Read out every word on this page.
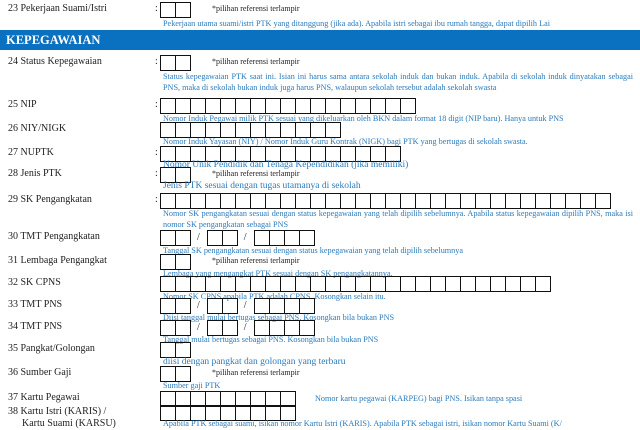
KEPEGAWAIAN
23 Pekerjaan Suami/Istri	:	*pilihan referensi terlampir
Pekerjaan utama suami/istri PTK yang ditanggung (jika ada). Apabila istri sebagai ibu rumah tangga, dapat dipilih Lai
24 Status Kepegawaian	:	*pilihan referensi terlampir
Status kepegawaian PTK saat ini. Isian ini harus sama antara sekolah induk dan bukan induk. Apabila di sekolah induk dinyatakan sebagai PNS, maka di sekolah bukan induk juga harus PNS, walaupun sekolah tersebut adalah sekolah swasta
25 NIP	:
Nomor Induk Pegawai milik PTK sesuai yang dikeluarkan oleh BKN dalam format 18 digit (NIP baru). Hanya untuk PNS
26 NIY/NIGK
Nomor Induk Yayasan (NIY) / Nomor Induk Guru Kontrak (NIGK) bagi PTK yang bertugas di sekolah swasta.
27 NUPTK	:
Nomor Unik Pendidik dan Tenaga Kependidikan (jika memiliki)
28 Jenis PTK	:	*pilihan referensi terlampir
Jenis PTK sesuai dengan tugas utamanya di sekolah
29 SK Pengangkatan	:
Nomor SK pengangkatan sesuai dengan status kepegawaian yang telah dipilih sebelumnya. Apabila status kepegawaian dipilih PNS, maka isi nomor SK pengangkatan sebagai PNS
30 TMT Pengangkatan	/	/
Tanggal SK pengangkatan sesuai dengan status kepegawaian yang telah dipilih sebelumnya
31 Lembaga Pengangkat	*pilihan referensi terlampir
Lembaga yang mengangkat PTK sesuai dengan SK pengangkatannya.
32 SK CPNS
Nomor SK CPNS apabila PTK adalah CPNS. Kosongkan selain itu.
33 TMT PNS	/	/
Diisi tanggal mulai bertugas sebagai PNS. Kosongkan bila bukan PNS
34 TMT PNS	/	/
Tanggal mulai bertugas sebagai PNS. Kosongkan bila bukan PNS
35 Pangkat/Golongan
diisi dengan pangkat dan golongan yang terbaru
36 Sumber Gaji	*pilihan referensi terlampir
Sumber gaji PTK
37 Kartu Pegawai	Nomor kartu pegawai (KARPEG) bagi PNS. Isikan tanpa spasi
38 Kartu Istri (KARIS) /
Kartu Suami (KARSU)	Apabila PTK sebagai suami, isikan nomor Kartu Istri (KARIS). Apabila PTK sebagai istri, isikan nomor Kartu Suami (K/
